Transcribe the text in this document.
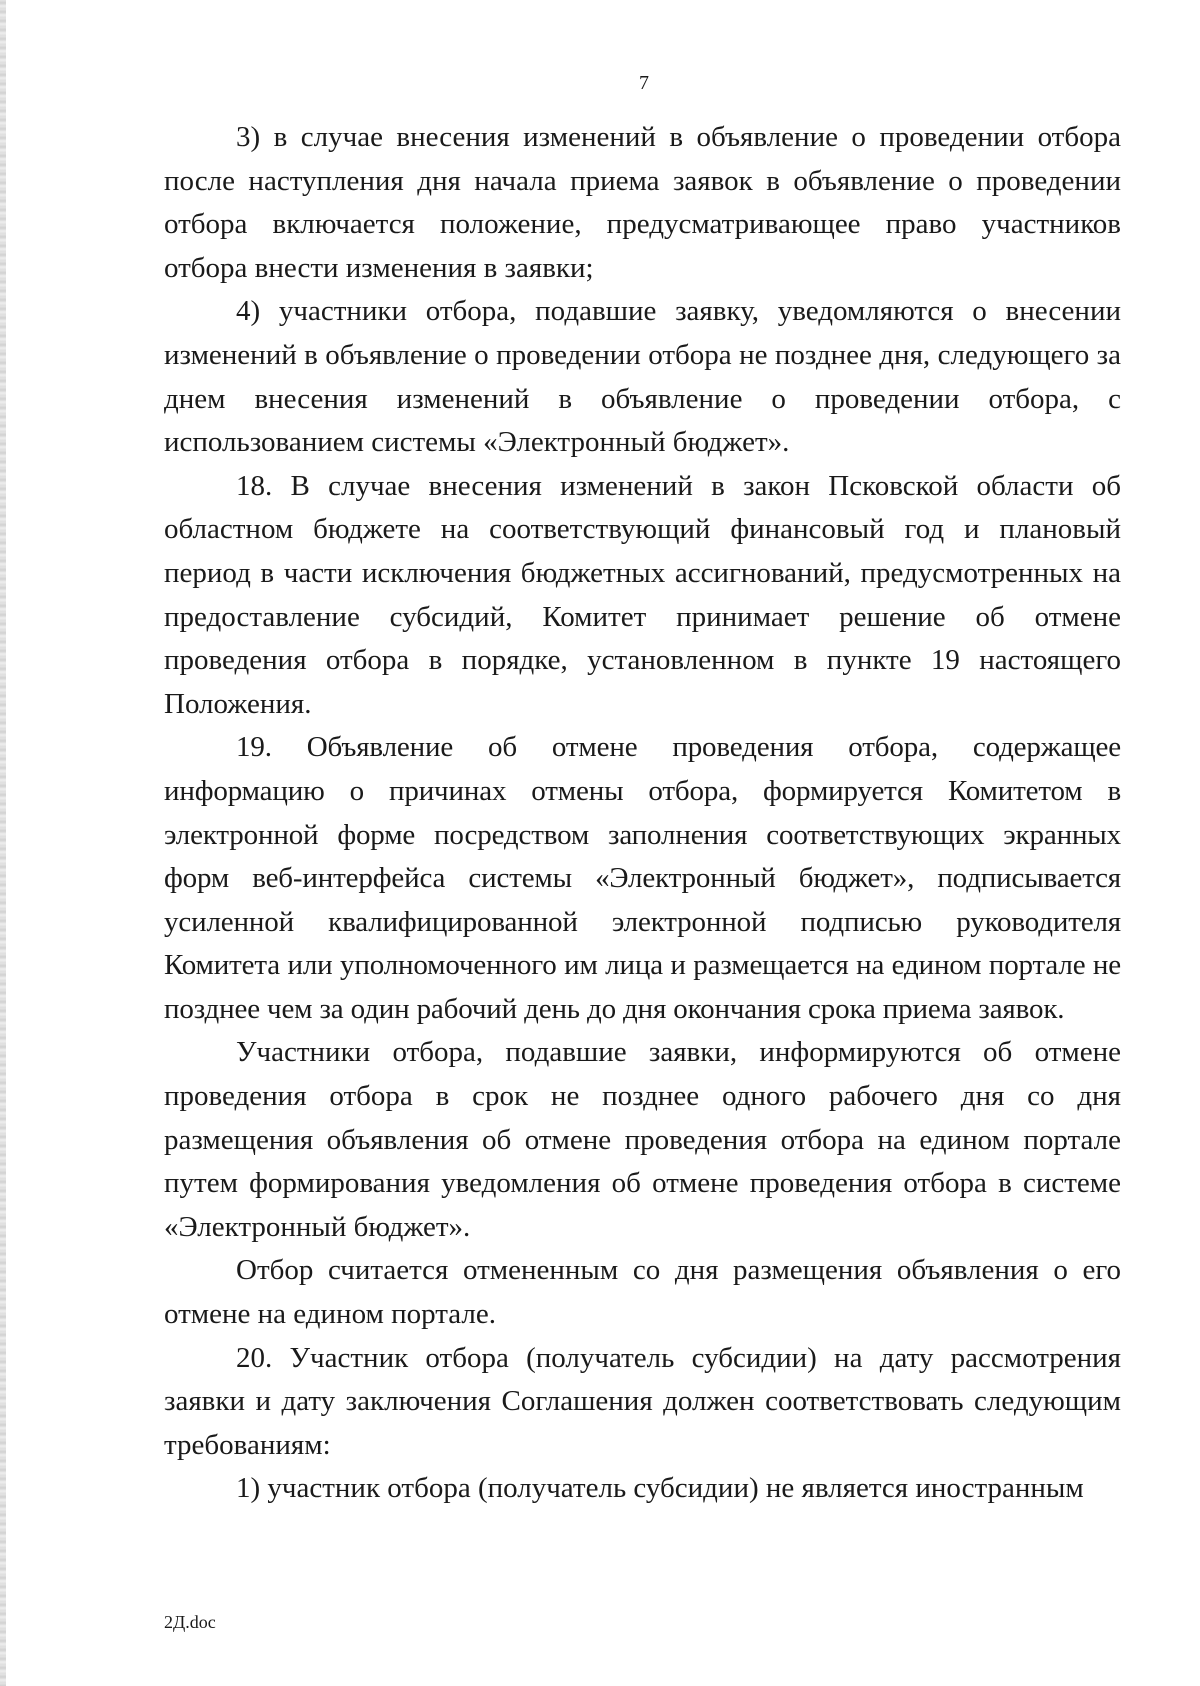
7

3) в случае внесения изменений в объявление о проведении отбора после наступления дня начала приема заявок в объявление о проведении отбора включается положение, предусматривающее право участников отбора внести изменения в заявки;

4) участники отбора, подавшие заявку, уведомляются о внесении изменений в объявление о проведении отбора не позднее дня, следующего за днем внесения изменений в объявление о проведении отбора, с использованием системы «Электронный бюджет».

18. В случае внесения изменений в закон Псковской области об областном бюджете на соответствующий финансовый год и плановый период в части исключения бюджетных ассигнований, предусмотренных на предоставление субсидий, Комитет принимает решение об отмене проведения отбора в порядке, установленном в пункте 19 настоящего Положения.

19. Объявление об отмене проведения отбора, содержащее информацию о причинах отмены отбора, формируется Комитетом в электронной форме посредством заполнения соответствующих экранных форм веб-интерфейса системы «Электронный бюджет», подписывается усиленной квалифицированной электронной подписью руководителя Комитета или уполномоченного им лица и размещается на едином портале не позднее чем за один рабочий день до дня окончания срока приема заявок.

Участники отбора, подавшие заявки, информируются об отмене проведения отбора в срок не позднее одного рабочего дня со дня размещения объявления об отмене проведения отбора на едином портале путем формирования уведомления об отмене проведения отбора в системе «Электронный бюджет».

Отбор считается отмененным со дня размещения объявления о его отмене на едином портале.

20. Участник отбора (получатель субсидии) на дату рассмотрения заявки и дату заключения Соглашения должен соответствовать следующим требованиям:

1) участник отбора (получатель субсидии) не является иностранным

2Д.doc
